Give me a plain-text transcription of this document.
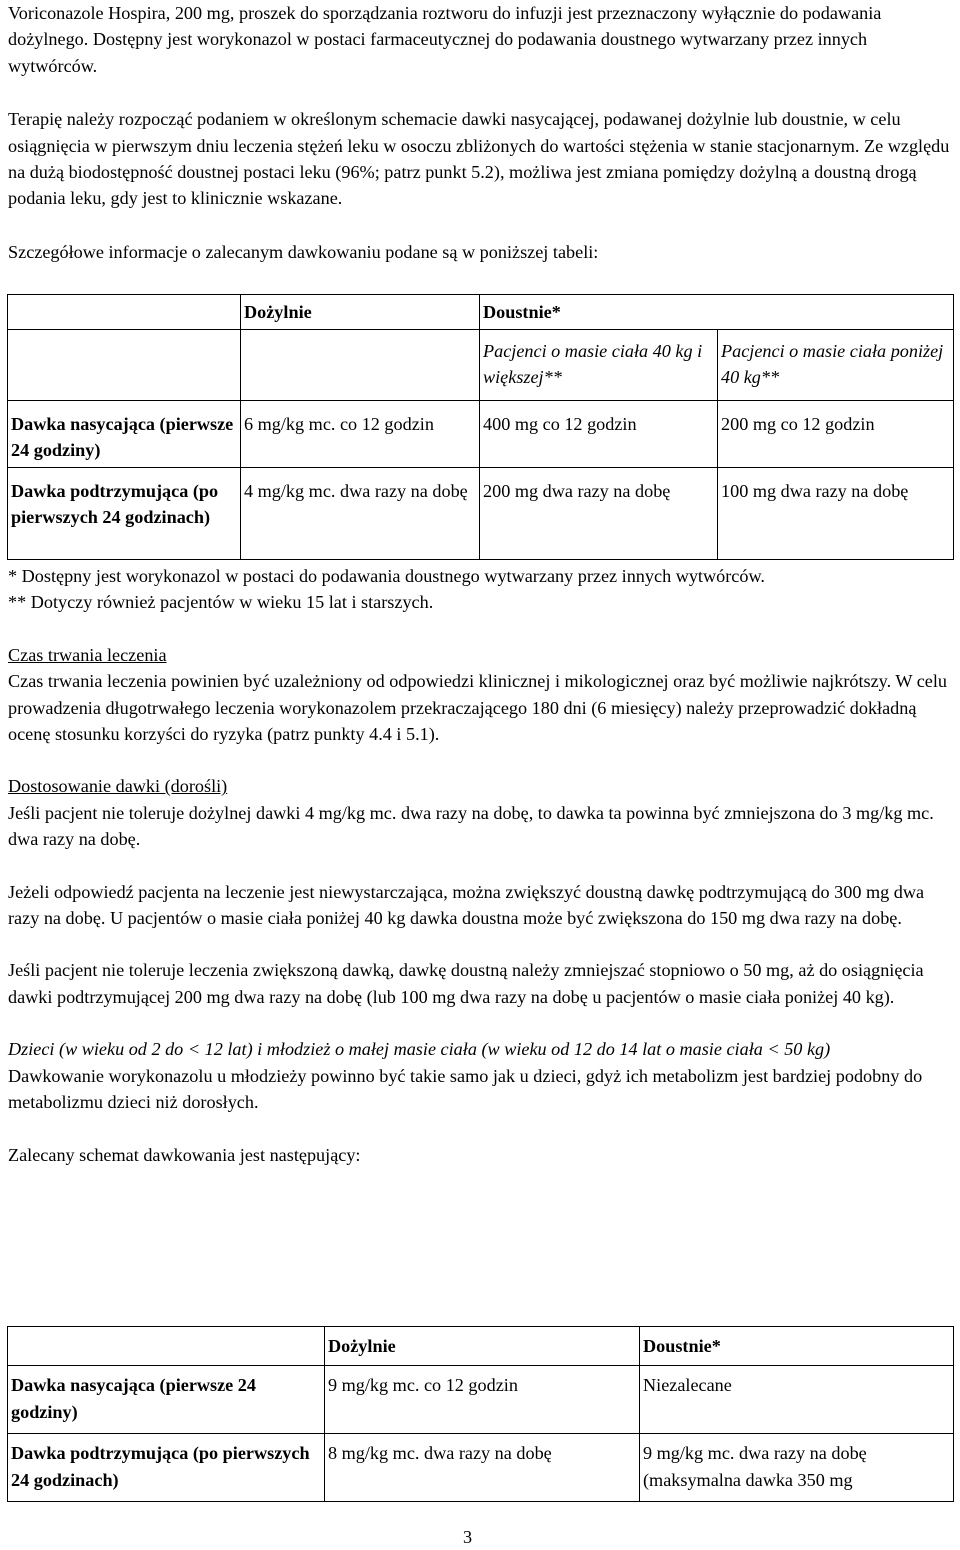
Voriconazole Hospira, 200 mg, proszek do sporządzania roztworu do infuzji jest przeznaczony wyłącznie do podawania dożylnego. Dostępny jest worykonazol w postaci farmaceutycznej do podawania doustnego wytwarzany przez innych wytwórców.

Terapię należy rozpocząć podaniem w określonym schemacie dawki nasycającej, podawanej dożylnie lub doustnie, w celu osiągnięcia w pierwszym dniu leczenia stężeń leku w osoczu zbliżonych do wartości stężenia w stanie stacjonarnym. Ze względu na dużą biodostępność doustnej postaci leku (96%; patrz punkt 5.2), możliwa jest zmiana pomiędzy dożylną a doustną drogą podania leku, gdy jest to klinicznie wskazane.

Szczegółowe informacje o zalecanym dawkowaniu podane są w poniższej tabeli:

	Dożylnie	Doustnie*	
		Pacjenci o masie ciała 40 kg i większej**	Pacjenci o masie ciała poniżej 40 kg**
Dawka nasycająca (pierwsze 24 godziny)	6 mg/kg mc. co 12 godzin	400 mg co 12 godzin	200 mg co 12 godzin
Dawka podtrzymująca (po pierwszych 24 godzinach)	4 mg/kg mc. dwa razy na dobę	200 mg dwa razy na dobę	100 mg dwa razy na dobę

* Dostępny jest worykonazol w postaci do podawania doustnego wytwarzany przez innych wytwórców.

** Dotyczy również pacjentów w wieku 15 lat i starszych.

Czas trwania leczenia

Czas trwania leczenia powinien być uzależniony od odpowiedzi klinicznej i mikologicznej oraz być możliwie najkrótszy. W celu prowadzenia długotrwałego leczenia worykonazolem przekraczającego 180 dni (6 miesięcy) należy przeprowadzić dokładną ocenę stosunku korzyści do ryzyka (patrz punkty 4.4 i 5.1).

Dostosowanie dawki (dorośli)

Jeśli pacjent nie toleruje dożylnej dawki 4 mg/kg mc. dwa razy na dobę, to dawka ta powinna być zmniejszona do 3 mg/kg mc. dwa razy na dobę.

Jeżeli odpowiedź pacjenta na leczenie jest niewystarczająca, można zwiększyć doustną dawkę podtrzymującą do 300 mg dwa razy na dobę. U pacjentów o masie ciała poniżej 40 kg dawka doustna może być zwiększona do 150 mg dwa razy na dobę.

Jeśli pacjent nie toleruje leczenia zwiększoną dawką, dawkę doustną należy zmniejszać stopniowo o 50 mg, aż do osiągnięcia dawki podtrzymującej 200 mg dwa razy na dobę (lub 100 mg dwa razy na dobę u pacjentów o masie ciała poniżej 40 kg).

Dzieci (w wieku od 2 do < 12 lat) i młodzież o małej masie ciała (w wieku od 12 do 14 lat o masie ciała < 50 kg)

Dawkowanie worykonazolu u młodzieży powinno być takie samo jak u dzieci, gdyż ich metabolizm jest bardziej podobny do metabolizmu dzieci niż dorosłych.

Zalecany schemat dawkowania jest następujący:

	Dożylnie	Doustnie*
Dawka nasycająca (pierwsze 24 godziny)	9 mg/kg mc. co 12 godzin	Niezalecane
Dawka podtrzymująca (po pierwszych 24 godzinach)	8 mg/kg mc. dwa razy na dobę	9 mg/kg mc. dwa razy na dobę (maksymalna dawka 350 mg
3
